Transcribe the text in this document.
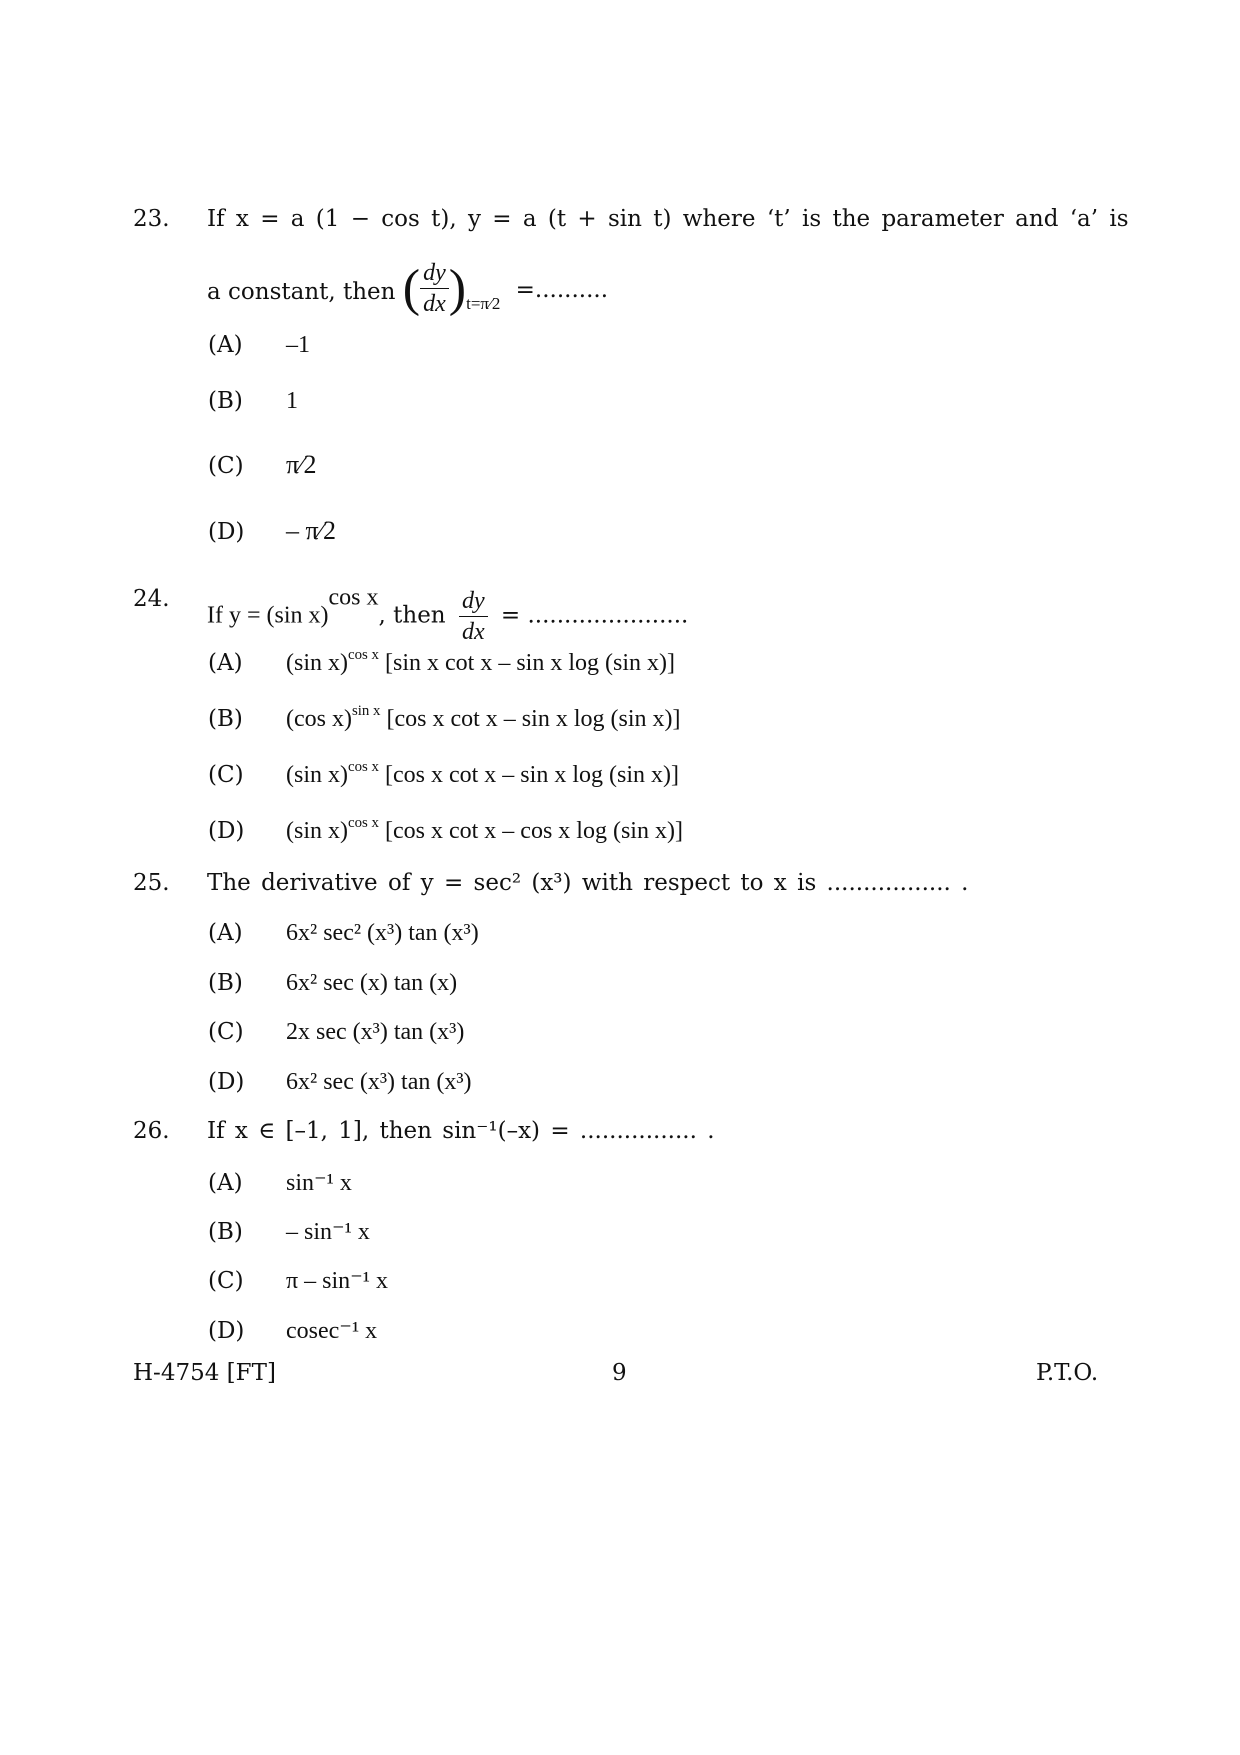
23.	If x = a (1 − cos t), y = a (t + sin t) where ‘t’ is the parameter and ‘a’ is
a constant, then ( $\frac{dy}{dx} )_{t=\pi⁄2}$ =..........
(A) –1
(B) 1
(C) π⁄2
(D) – π⁄2
24.
If y = (sin x)$^{cos x}$, then $\frac{dy}{dx}$ = ......................
(A) (sin x)$^{cos x}$ [sin x cot x – sin x log (sin x)]
(B) (cos x)$^{sin x}$ [cos x cot x – sin x log (sin x)]
(C) (sin x)$^{cos x}$ [cos x cot x – sin x log (sin x)]
(D) (sin x)$^{cos x}$ [cos x cot x – cos x log (sin x)]
25.	The derivative of y = sec² (x³) with respect to x is ................. .
(A) 6x² sec² (x³) tan (x³)
(B) 6x² sec (x) tan (x)
(C) 2x sec (x³) tan (x³)
(D) 6x² sec (x³) tan (x³)
26.	If x ∈ [–1, 1], then sin⁻¹(–x) = ................ .
(A) sin⁻¹ x
(B) – sin⁻¹ x
(C) π – sin⁻¹ x
(D) cosec⁻¹ x
H-4754 [FT]	9	P.T.O.
